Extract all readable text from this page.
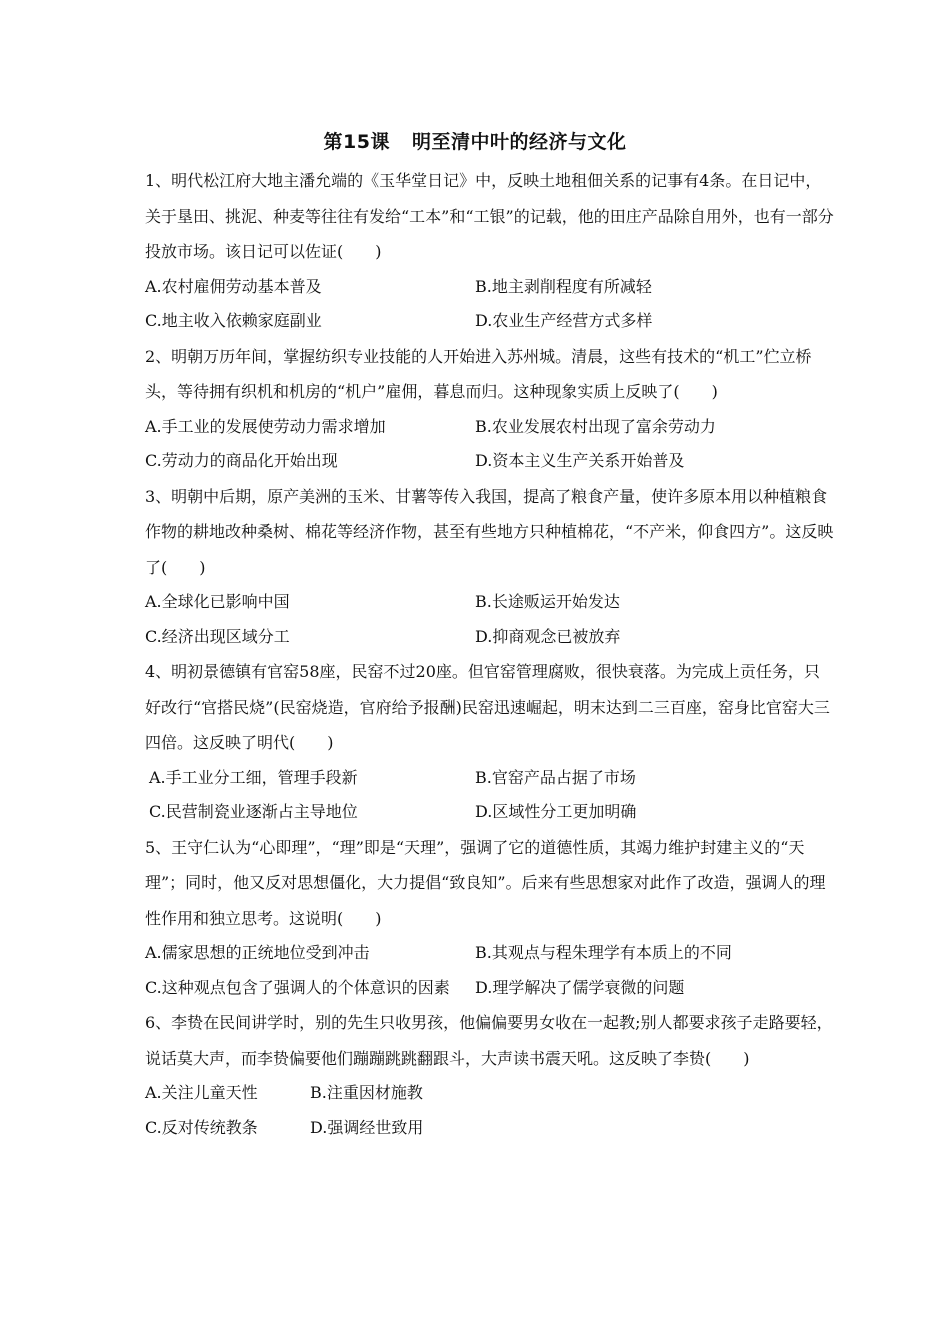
第15课 明至清中叶的经济与文化

1、明代松江府大地主潘允端的《玉华堂日记》中，反映土地租佃关系的记事有4条。在日记中，关于垦田、挑泥、种麦等往往有发给“工本”和“工银”的记载，他的田庄产品除自用外，也有一部分投放市场。该日记可以佐证(　　)

A.农村雇佣劳动基本普及	B.地主剥削程度有所减轻
C.地主收入依赖家庭副业	D.农业生产经营方式多样

2、明朝万历年间，掌握纺织专业技能的人开始进入苏州城。清晨，这些有技术的“机工”伫立桥头，等待拥有织机和机房的“机户”雇佣，暮息而归。这种现象实质上反映了(　　)

A.手工业的发展使劳动力需求增加	B.农业发展农村出现了富余劳动力
C.劳动力的商品化开始出现	D.资本主义生产关系开始普及

3、明朝中后期，原产美洲的玉米、甘薯等传入我国，提高了粮食产量，使许多原本用以种植粮食作物的耕地改种桑树、棉花等经济作物，甚至有些地方只种植棉花，“不产米，仰食四方”。这反映了(　　)

A.全球化已影响中国	B.长途贩运开始发达
C.经济出现区域分工	D.抑商观念已被放弃

4、明初景德镇有官窑58座，民窑不过20座。但官窑管理腐败，很快衰落。为完成上贡任务，只好改行“官搭民烧”(民窑烧造，官府给予报酬)民窑迅速崛起，明末达到二三百座，窑身比官窑大三四倍。这反映了明代(　　)

A.手工业分工细，管理手段新	B.官窑产品占据了市场
C.民营制瓷业逐渐占主导地位	D.区域性分工更加明确

5、王守仁认为“心即理”，“理”即是“天理”，强调了它的道德性质，其竭力维护封建主义的“天理”；同时，他又反对思想僵化，大力提倡“致良知”。后来有些思想家对此作了改造，强调人的理性作用和独立思考。这说明(　　)

A.儒家思想的正统地位受到冲击	B.其观点与程朱理学有本质上的不同
C.这种观点包含了强调人的个体意识的因素	D.理学解决了儒学衰微的问题

6、李贽在民间讲学时，别的先生只收男孩，他偏偏要男女收在一起教;别人都要求孩子走路要轻，说话莫大声，而李贽偏要他们蹦蹦跳跳翻跟斗，大声读书震天吼。这反映了李贽(　　)

A.关注儿童天性	B.注重因材施教
C.反对传统教条	D.强调经世致用
